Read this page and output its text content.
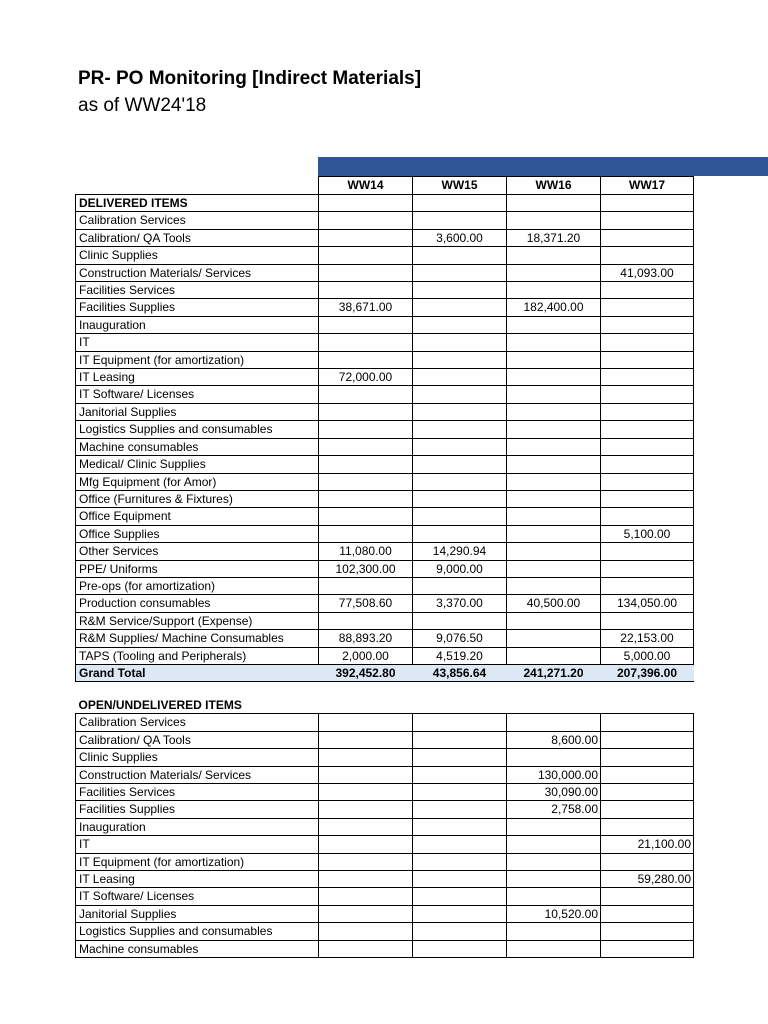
PR- PO Monitoring [Indirect Materials]
as of WW24'18
	WW14	WW15	WW16	WW17
DELIVERED ITEMS				
Calibration Services				
Calibration/ QA Tools		3,600.00	18,371.20	
Clinic Supplies				
Construction Materials/ Services				41,093.00
Facilities Services				
Facilities Supplies	38,671.00		182,400.00	
Inauguration				
IT				
IT Equipment (for amortization)				
IT Leasing	72,000.00			
IT Software/ Licenses				
Janitorial Supplies				
Logistics Supplies and consumables				
Machine consumables				
Medical/ Clinic Supplies				
Mfg Equipment (for Amor)				
Office (Furnitures & Fixtures)				
Office Equipment				
Office Supplies				5,100.00
Other Services	11,080.00	14,290.94		
PPE/ Uniforms	102,300.00	9,000.00		
Pre-ops (for amortization)				
Production consumables	77,508.60	3,370.00	40,500.00	134,050.00
R&M Service/Support (Expense)				
R&M Supplies/ Machine Consumables	88,893.20	9,076.50		22,153.00
TAPS (Tooling and Peripherals)	2,000.00	4,519.20		5,000.00
Grand Total	392,452.80	43,856.64	241,271.20	207,396.00
OPEN/UNDELIVERED ITEMS				
Calibration Services				
Calibration/ QA Tools			8,600.00	
Clinic Supplies				
Construction Materials/ Services			130,000.00	
Facilities Services			30,090.00	
Facilities Supplies			2,758.00	
Inauguration				
IT				21,100.00
IT Equipment (for amortization)				
IT Leasing				59,280.00
IT Software/ Licenses				
Janitorial Supplies			10,520.00	
Logistics Supplies and consumables				
Machine consumables				
